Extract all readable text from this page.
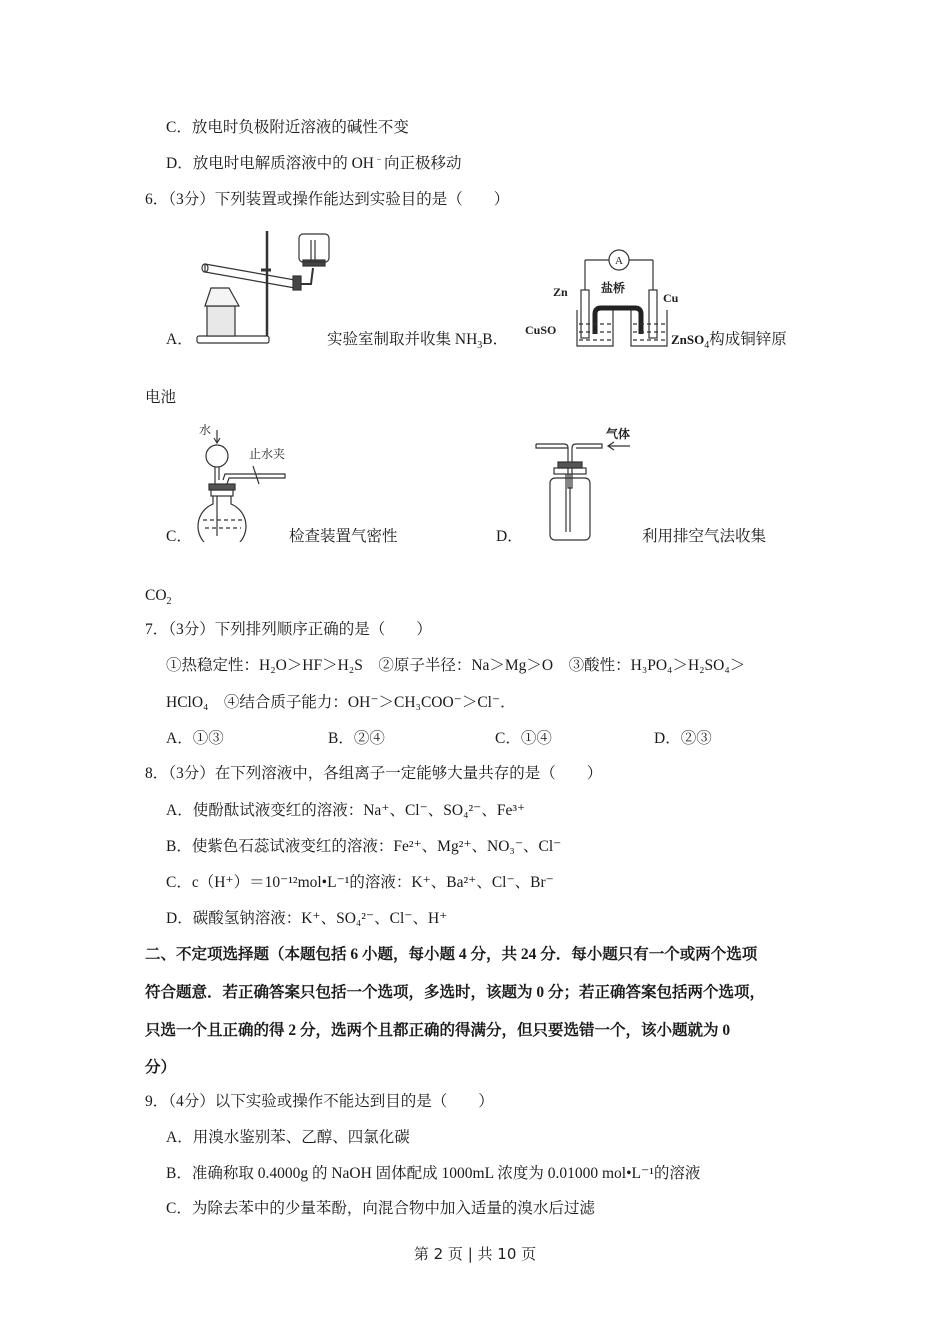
C．放电时负极附近溶液的碱性不变
D．放电时电解质溶液中的 OH﹣向正极移动
6．（3分）下列装置或操作能达到实验目的是（　　）
A．	实验室制取并收集 $NH_3B$．
A
盐桥
Zn	Cu
CuSO
ZnSO$_4$构成铜锌原
电池
水
止水夹
C．	检查装置气密性
气体
D．	利用排空气法收集
$CO_2$
7．（3分）下列排列顺序正确的是（　　）
①热稳定性：H₂O＞HF＞H₂S　②原子半径：Na＞Mg＞O　③酸性：H₃PO₄＞H₂SO₄＞
HClO₄　④结合质子能力：OH⁻＞CH₃COO⁻＞Cl⁻．
A．①③	B．②④	C．①④	D．②③
8．（3分）在下列溶液中，各组离子一定能够大量共存的是（　　）
A．使酚酞试液变红的溶液：Na⁺、Cl⁻、SO₄²⁻、Fe³⁺
B．使紫色石蕊试液变红的溶液：Fe²⁺、Mg²⁺、NO₃⁻、Cl⁻
C．c（H⁺）＝10⁻¹²mol•L⁻¹的溶液：K⁺、Ba²⁺、Cl⁻、Br⁻
D．碳酸氢钠溶液：K⁺、SO₄²⁻、Cl⁻、H⁺
二、不定项选择题（本题包括 6 小题，每小题 4 分，共 24 分．每小题只有一个或两个选项
符合题意．若正确答案只包括一个选项，多选时，该题为 0 分；若正确答案包括两个选项，
只选一个且正确的得 2 分，选两个且都正确的得满分，但只要选错一个，该小题就为 0
分）
9．（4分）以下实验或操作不能达到目的是（　　）
A．用溴水鉴别苯、乙醇、四氯化碳
B．准确称取 0.4000g 的 NaOH 固体配成 1000mL 浓度为 0.01000 mol•L⁻¹的溶液
C．为除去苯中的少量苯酚，向混合物中加入适量的溴水后过滤
第 2 页 | 共 10 页
